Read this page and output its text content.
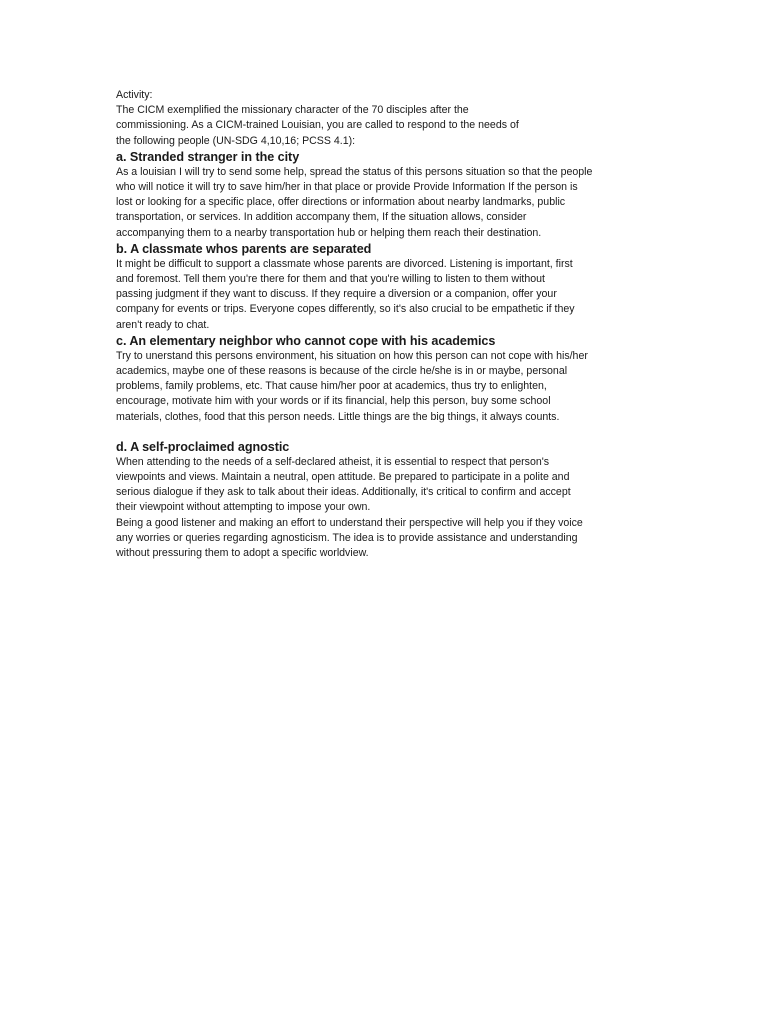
Activity:

The CICM exemplified the missionary character of the 70 disciples after the

commissioning. As a CICM-trained Louisian, you are called to respond to the needs of

the following people (UN-SDG 4,10,16; PCSS 4.1):

a. Stranded stranger in the city

As a louisian I will try to send some help, spread the status of this persons situation so that the people

who will notice it will try to save him/her in that place or provide Provide Information If the person is

lost or looking for a specific place, offer directions or information about nearby landmarks, public

transportation, or services. In addition accompany them, If the situation allows, consider

accompanying them to a nearby transportation hub or helping them reach their destination.

b. A classmate whos parents are separated

It might be difficult to support a classmate whose parents are divorced. Listening is important, first

and foremost. Tell them you're there for them and that you're willing to listen to them without

passing judgment if they want to discuss. If they require a diversion or a companion, offer your

company for events or trips. Everyone copes differently, so it's also crucial to be empathetic if they

aren't ready to chat.

c. An elementary neighbor who cannot cope with his academics

Try to unerstand this persons environment, his situation on how this person can not cope with his/her

academics, maybe one of these reasons is because of the circle he/she is in or maybe, personal

problems, family problems, etc. That cause him/her poor at academics, thus try to enlighten,

encourage, motivate him with your words or if its financial, help this person, buy some school

materials, clothes, food that this person needs. Little things are the big things, it always counts.

d. A self-proclaimed agnostic

When attending to the needs of a self-declared atheist, it is essential to respect that person's

viewpoints and views. Maintain a neutral, open attitude. Be prepared to participate in a polite and

serious dialogue if they ask to talk about their ideas. Additionally, it's critical to confirm and accept

their viewpoint without attempting to impose your own.

Being a good listener and making an effort to understand their perspective will help you if they voice

any worries or queries regarding agnosticism. The idea is to provide assistance and understanding

without pressuring them to adopt a specific worldview.
